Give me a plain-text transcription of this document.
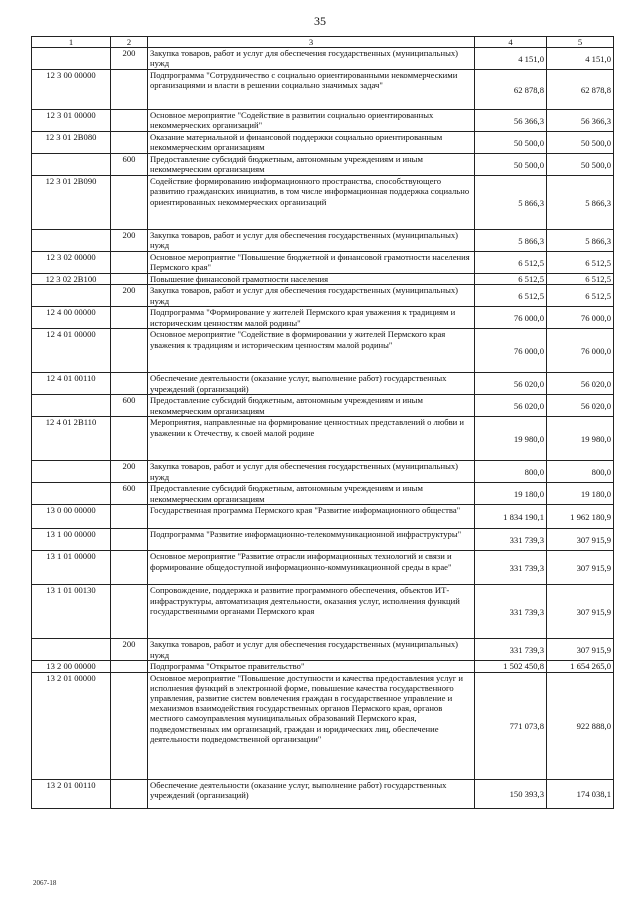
35
1	2	3	4	5
	200	Закупка товаров, работ и услуг для обеспечения государственных (муниципальных) нужд	4 151,0	4 151,0
12 3 00 00000		Подпрограмма "Сотрудничество с социально ориентированными некоммерческими организациями и власти в решении социально значимых задач"	62 878,8	62 878,8
12 3 01 00000		Основное мероприятие "Содействие в развитии социально ориентированных некоммерческих организаций"	56 366,3	56 366,3
12 3 01 2В080		Оказание материальной и финансовой поддержки социально ориентированным некоммерческим организациям	50 500,0	50 500,0
	600	Предоставление субсидий бюджетным, автономным учреждениям и иным некоммерческим организациям	50 500,0	50 500,0
12 3 01 2В090		Содействие формированию информационного пространства, способствующего развитию гражданских инициатив, в том числе информационная поддержка социально ориентированных некоммерческих организаций	5 866,3	5 866,3
	200	Закупка товаров, работ и услуг для обеспечения государственных (муниципальных) нужд	5 866,3	5 866,3
12 3 02 00000		Основное мероприятие "Повышение бюджетной и финансовой грамотности населения Пермского края"	6 512,5	6 512,5
12 3 02 2В100		Повышение финансовой грамотности населения	6 512,5	6 512,5
	200	Закупка товаров, работ и услуг для обеспечения государственных (муниципальных) нужд	6 512,5	6 512,5
12 4 00 00000		Подпрограмма "Формирование у жителей Пермского края уважения к традициям и историческим ценностям малой родины"	76 000,0	76 000,0
12 4 01 00000		Основное мероприятие "Содействие в формировании у жителей Пермского края уважения к традициям и историческим ценностям малой родины"	76 000,0	76 000,0
12 4 01 00110		Обеспечение деятельности (оказание услуг, выполнение работ) государственных учреждений (организаций)	56 020,0	56 020,0
	600	Предоставление субсидий бюджетным, автономным учреждениям и иным некоммерческим организациям	56 020,0	56 020,0
12 4 01 2В110		Мероприятия, направленные на формирование ценностных представлений о любви и уважении к Отечеству, к своей малой родине	19 980,0	19 980,0
	200	Закупка товаров, работ и услуг для обеспечения государственных (муниципальных) нужд	800,0	800,0
	600	Предоставление субсидий бюджетным, автономным учреждениям и иным некоммерческим организациям	19 180,0	19 180,0
13 0 00 00000		Государственная программа Пермского края "Развитие информационного общества"	1 834 190,1	1 962 180,9
13 1 00 00000		Подпрограмма "Развитие информационно-телекоммуникационной инфраструктуры"	331 739,3	307 915,9
13 1 01 00000		Основное мероприятие "Развитие отрасли информационных технологий и связи и формирование общедоступной информационно-коммуникационной среды в крае"	331 739,3	307 915,9
13 1 01 00130		Сопровождение, поддержка и развитие программного обеспечения, объектов ИТ-инфраструктуры, автоматизация деятельности, оказания услуг, исполнения функций государственными органами Пермского края	331 739,3	307 915,9
	200	Закупка товаров, работ и услуг для обеспечения государственных (муниципальных) нужд	331 739,3	307 915,9
13 2 00 00000		Подпрограмма "Открытое правительство"	1 502 450,8	1 654 265,0
13 2 01 00000		Основное мероприятие "Повышение доступности и качества предоставления услуг и исполнения функций в электронной форме, повышение качества государственного управления, развитие систем вовлечения граждан в государственное управление и механизмов взаимодействия государственных органов Пермского края, органов местного самоуправления муниципальных образований Пермского края, подведомственных им организаций, граждан и юридических лиц, обеспечение деятельности подведомственной организации"	771 073,8	922 888,0
13 2 01 00110		Обеспечение деятельности (оказание услуг, выполнение работ) государственных учреждений (организаций)	150 393,3	174 038,1
2067-18
